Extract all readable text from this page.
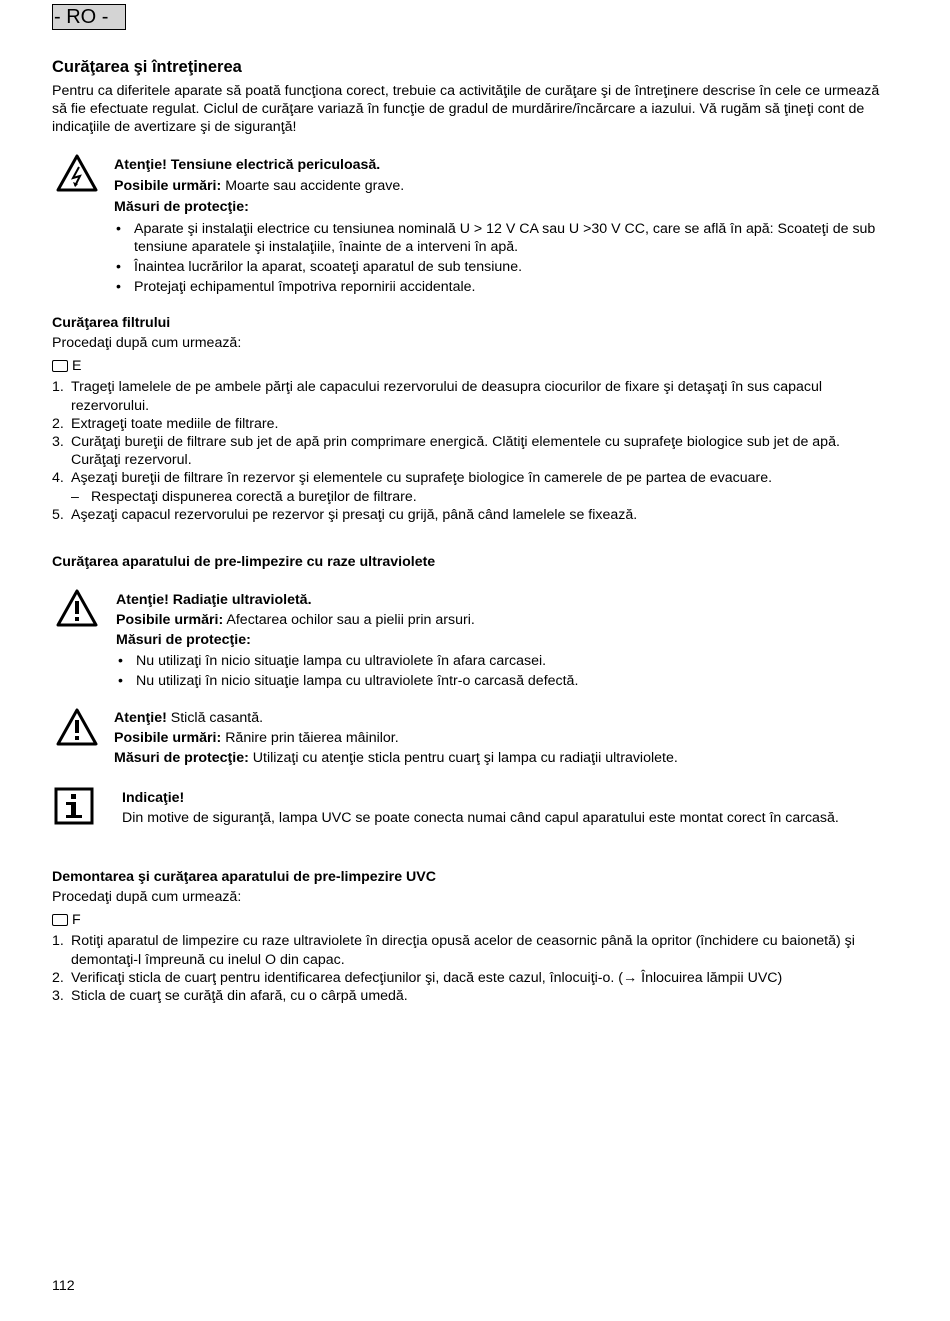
- RO -
Curăţarea şi întreţinerea

Pentru ca diferitele aparate să poată funcţiona corect, trebuie ca activităţile de curăţare şi de întreţinere descrise în cele ce urmează să fie efectuate regulat. Ciclul de curăţare variază în funcţie de gradul de murdărire/încărcare a iazului. Vă rugăm să ţineţi cont de indicaţiile de avertizare şi de siguranţă!

Atenţie! Tensiune electrică periculoasă.

Posibile urmări: Moarte sau accidente grave.

Măsuri de protecţie:

• Aparate şi instalaţii electrice cu tensiunea nominală U > 12 V CA sau U >30 V CC, care se află în apă: Scoateţi de sub tensiune aparatele şi instalaţiile, înainte de a interveni în apă.
• Înaintea lucrărilor la aparat, scoateţi aparatul de sub tensiune.
• Protejaţi echipamentul împotriva repornirii accidentale.
Curăţarea filtrului

Procedaţi după cum urmează:

E
1. Trageţi lamelele de pe ambele părţi ale capacului rezervorului de deasupra ciocurilor de fixare şi detaşaţi în sus capacul rezervorului.
2. Extrageţi toate mediile de filtrare.
3. Curăţaţi bureţii de filtrare sub jet de apă prin comprimare energică. Clătiţi elementele cu suprafeţe biologice sub jet de apă. Curăţaţi rezervorul.
4. Aşezaţi bureţii de filtrare în rezervor şi elementele cu suprafeţe biologice în camerele de pe partea de evacuare.
– Respectaţi dispunerea corectă a bureţilor de filtrare.
5. Aşezaţi capacul rezervorului pe rezervor şi presaţi cu grijă, până când lamelele se fixează.
Curăţarea aparatului de pre-limpezire cu raze ultraviolete

Atenţie! Radiaţie ultravioletă.

Posibile urmări: Afectarea ochilor sau a pielii prin arsuri.

Măsuri de protecţie:

• Nu utilizaţi în nicio situaţie lampa cu ultraviolete în afara carcasei.
• Nu utilizaţi în nicio situaţie lampa cu ultraviolete într-o carcasă defectă.

Atenţie! Sticlă casantă.

Posibile urmări: Rănire prin tăierea mâinilor.

Măsuri de protecţie: Utilizaţi cu atenţie sticla pentru cuarţ şi lampa cu radiaţii ultraviolete.

Indicaţie!

Din motive de siguranţă, lampa UVC se poate conecta numai când capul aparatului este montat corect în carcasă.

Demontarea şi curăţarea aparatului de pre-limpezire UVC

Procedaţi după cum urmează:

F
1. Rotiţi aparatul de limpezire cu raze ultraviolete în direcţia opusă acelor de ceasornic până la opritor (închidere cu baionetă) şi demontaţi-l împreună cu inelul O din capac.
2. Verificaţi sticla de cuarţ pentru identificarea defecţiunilor şi, dacă este cazul, înlocuiţi-o. (→ Înlocuirea lămpii UVC)
3. Sticla de cuarţ se curăţă din afară, cu o cârpă umedă.
112
